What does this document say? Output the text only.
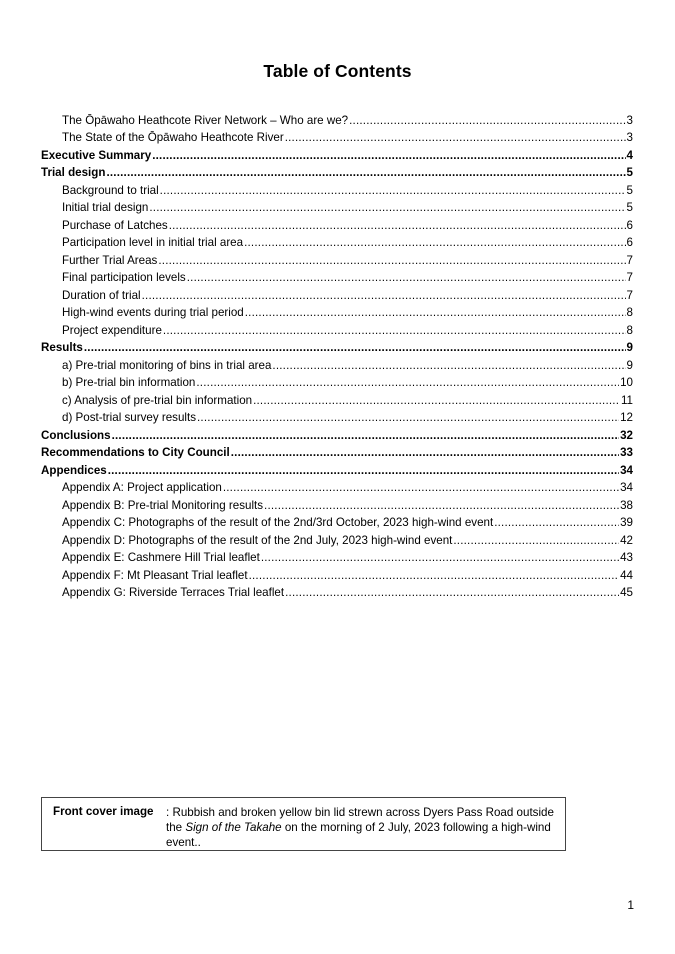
Table of Contents
The Ōpāwaho Heathcote River Network – Who are we? .....	3
The State of the Ōpāwaho Heathcote River .....	3
Executive Summary .....	4
Trial design .....	5
Background to trial .....	5
Initial trial design .....	5
Purchase of Latches .....	6
Participation level in initial trial area .....	6
Further Trial Areas .....	7
Final participation levels .....	7
Duration of trial .....	7
High-wind events during trial period .....	8
Project expenditure .....	8
Results .....	9
a) Pre-trial monitoring of bins in trial area .....	9
b) Pre-trial bin information .....	10
c) Analysis of pre-trial bin information .....	11
d) Post-trial survey results .....	12
Conclusions .....	32
Recommendations to City Council .....	33
Appendices .....	34
Appendix A: Project application .....	34
Appendix B: Pre-trial Monitoring results .....	38
Appendix C: Photographs of the result of the 2nd/3rd October, 2023 high-wind event .....	39
Appendix D: Photographs of the result of the 2nd July, 2023 high-wind event .....	42
Appendix E: Cashmere Hill Trial leaflet .....	43
Appendix F: Mt Pleasant Trial leaflet .....	44
Appendix G: Riverside Terraces Trial leaflet .....	45
Front cover image : Rubbish and broken yellow bin lid strewn across Dyers Pass Road outside the Sign of the Takahe on the morning of 2 July, 2023 following a high-wind event..
1
